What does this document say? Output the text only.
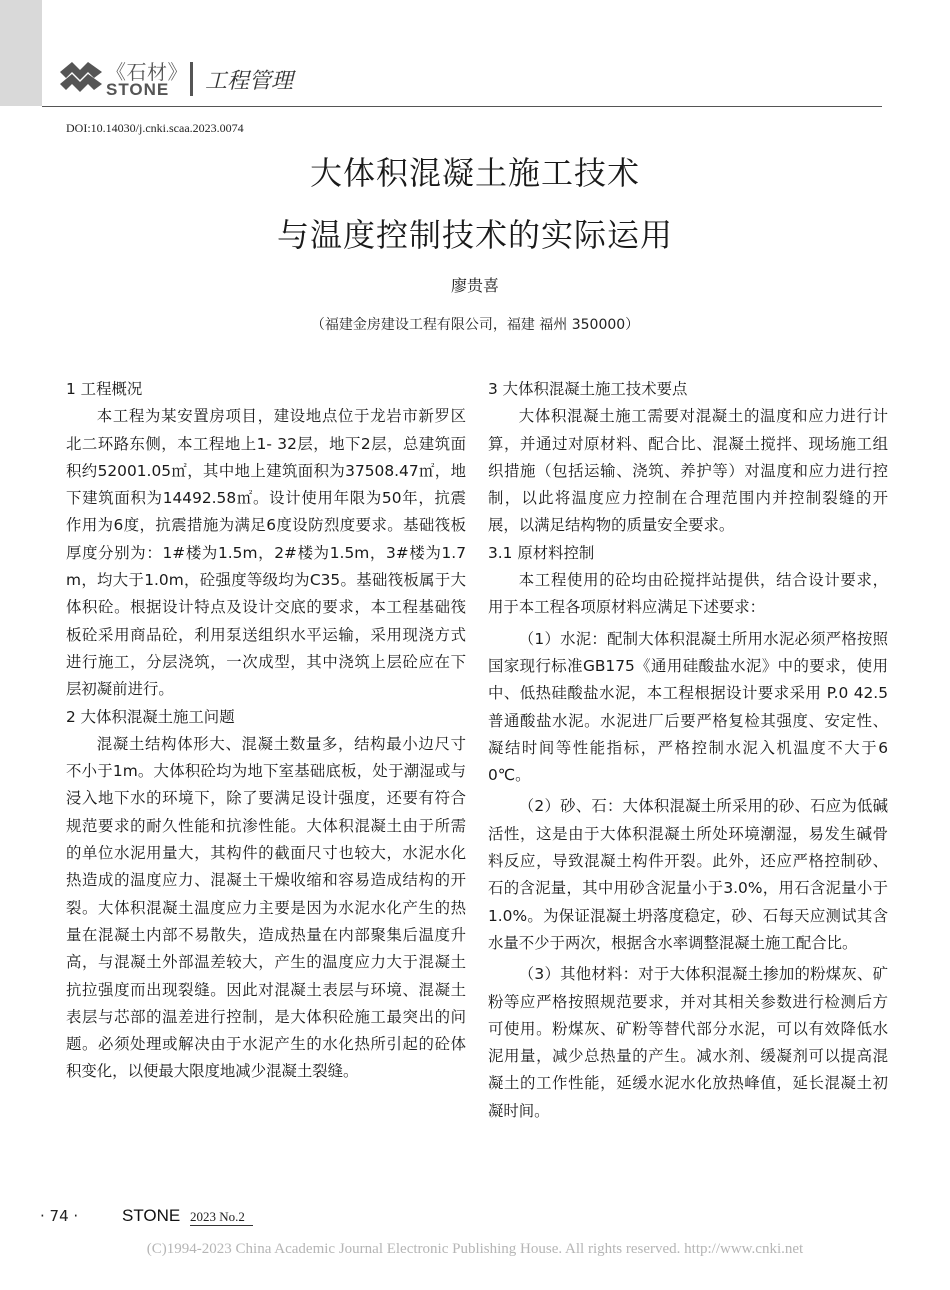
《石材》
STONE 工程管理
DOI:10.14030/j.cnki.scaa.2023.0074
大体积混凝土施工技术
与温度控制技术的实际运用
廖贵喜
（福建金房建设工程有限公司，福建 福州 350000）
1 工程概况

本工程为某安置房项目，建设地点位于龙岩市新罗区北二环路东侧，本工程地上1- 32层，地下2层，总建筑面积约52001.05㎡，其中地上建筑面积为37508.47㎡，地下建筑面积为14492.58㎡。设计使用年限为50年，抗震作用为6度，抗震措施为满足6度设防烈度要求。基础筏板厚度分别为：1#楼为1.5m，2#楼为1.5m，3#楼为1.7m，均大于1.0m，砼强度等级均为C35。基础筏板属于大体积砼。根据设计特点及设计交底的要求，本工程基础筏板砼采用商品砼，利用泵送组织水平运输，采用现浇方式进行施工，分层浇筑，一次成型，其中浇筑上层砼应在下层初凝前进行。

2 大体积混凝土施工问题

混凝土结构体形大、混凝土数量多，结构最小边尺寸不小于1m。大体积砼均为地下室基础底板，处于潮湿或与浸入地下水的环境下，除了要满足设计强度，还要有符合规范要求的耐久性能和抗渗性能。大体积混凝土由于所需的单位水泥用量大，其构件的截面尺寸也较大，水泥水化热造成的温度应力、混凝土干燥收缩和容易造成结构的开裂。大体积混凝土温度应力主要是因为水泥水化产生的热量在混凝土内部不易散失，造成热量在内部聚集后温度升高，与混凝土外部温差较大，产生的温度应力大于混凝土抗拉强度而出现裂缝。因此对混凝土表层与环境、混凝土表层与芯部的温差进行控制，是大体积砼施工最突出的问题。必须处理或解决由于水泥产生的水化热所引起的砼体积变化，以便最大限度地减少混凝土裂缝。

3 大体积混凝土施工技术要点

大体积混凝土施工需要对混凝土的温度和应力进行计算，并通过对原材料、配合比、混凝土搅拌、现场施工组织措施（包括运输、浇筑、养护等）对温度和应力进行控制，以此将温度应力控制在合理范围内并控制裂缝的开展，以满足结构物的质量安全要求。

3.1 原材料控制

本工程使用的砼均由砼搅拌站提供，结合设计要求，用于本工程各项原材料应满足下述要求：

（1）水泥：配制大体积混凝土所用水泥必须严格按照国家现行标准GB175《通用硅酸盐水泥》中的要求，使用中、低热硅酸盐水泥，本工程根据设计要求采用 P.0 42.5普通酸盐水泥。水泥进厂后要严格复检其强度、安定性、凝结时间等性能指标，严格控制水泥入机温度不大于60℃。

（2）砂、石：大体积混凝土所采用的砂、石应为低碱活性，这是由于大体积混凝土所处环境潮湿，易发生碱骨料反应，导致混凝土构件开裂。此外，还应严格控制砂、石的含泥量，其中用砂含泥量小于3.0%，用石含泥量小于1.0%。为保证混凝土坍落度稳定，砂、石每天应测试其含水量不少于两次，根据含水率调整混凝土施工配合比。

（3）其他材料：对于大体积混凝土掺加的粉煤灰、矿粉等应严格按照规范要求，并对其相关参数进行检测后方可使用。粉煤灰、矿粉等替代部分水泥，可以有效降低水泥用量，减少总热量的产生。减水剂、缓凝剂可以提高混凝土的工作性能，延缓水泥水化放热峰值，延长混凝土初凝时间。

· 74 ·	STONE 2023 No.2
(C)1994-2023 China Academic Journal Electronic Publishing House. All rights reserved. http://www.cnki.net
